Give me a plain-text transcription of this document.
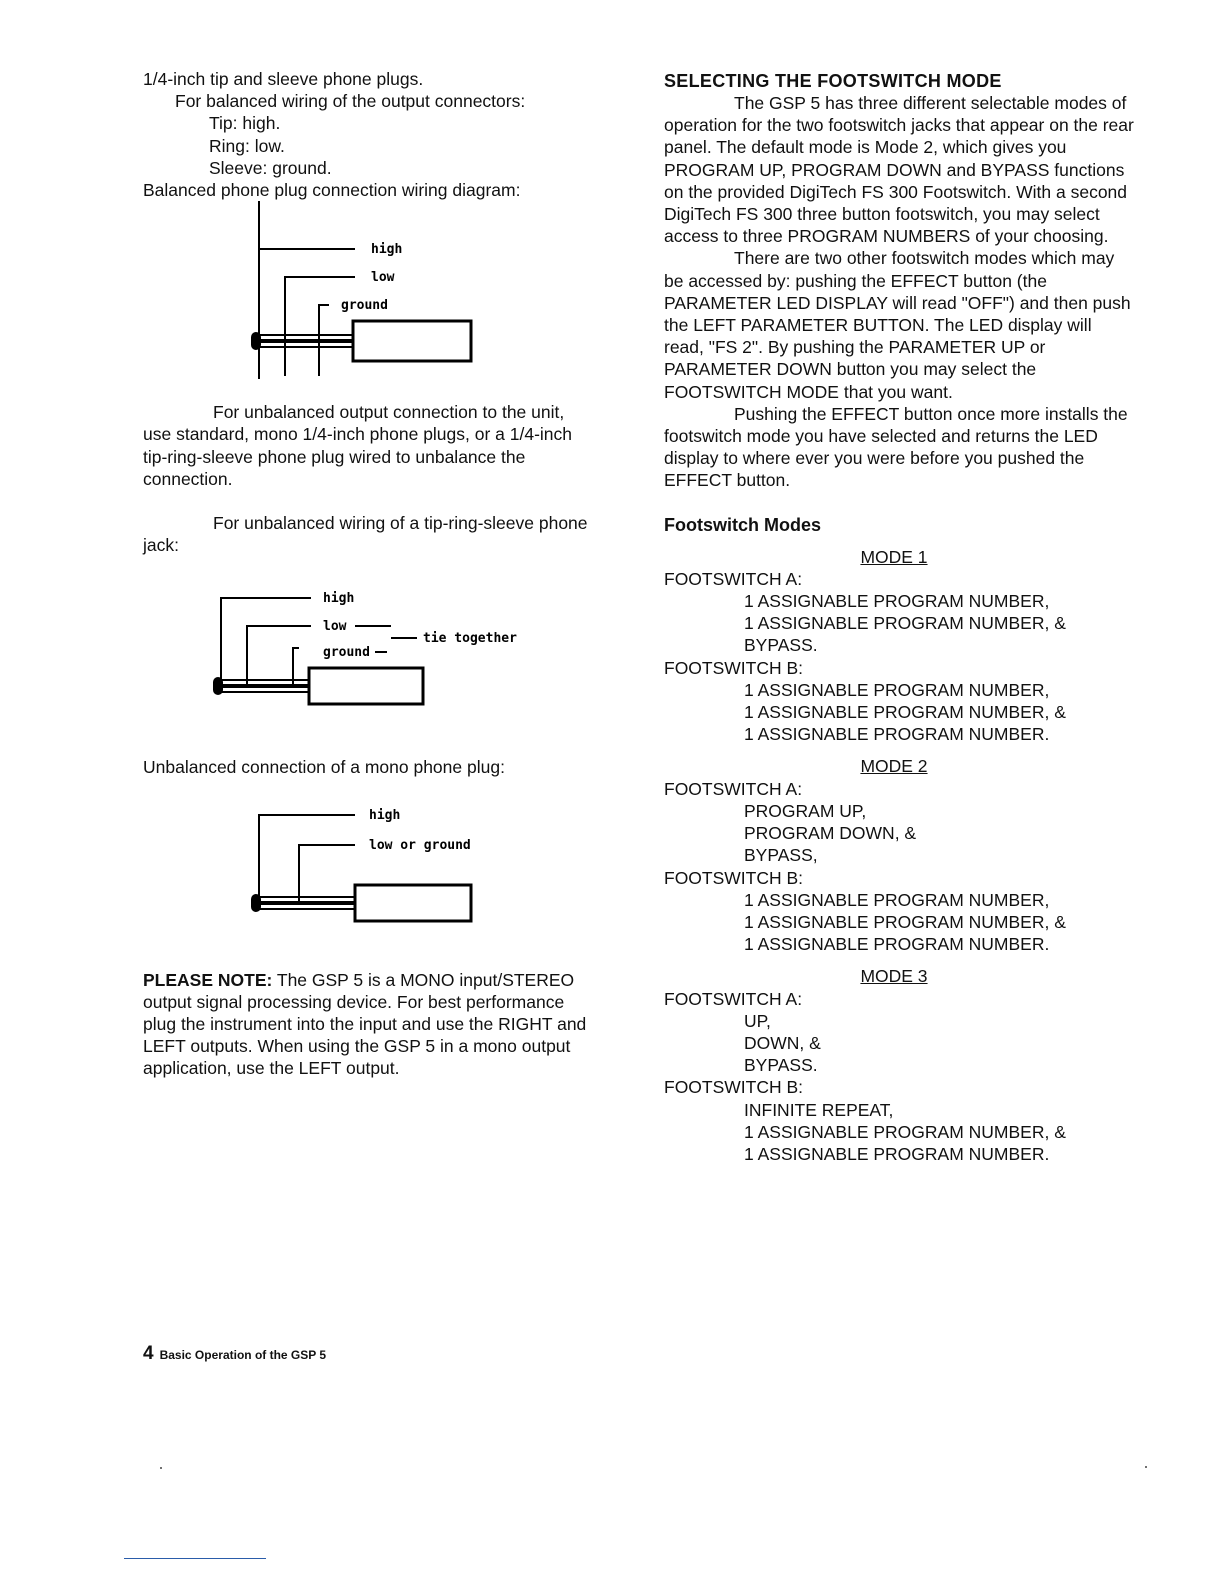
1/4-inch tip and sleeve phone plugs.

For balanced wiring of the output connectors:

Tip: high.

Ring: low.

Sleeve: ground.

Balanced phone plug connection wiring diagram:

high
low
ground

For unbalanced output connection to the unit, use standard, mono 1/4-inch phone plugs, or a 1/4-inch tip-ring-sleeve phone plug wired to unbalance the connection.

For unbalanced wiring of a tip-ring-sleeve phone jack:

high
low
ground
tie together

Unbalanced connection of a mono phone plug:

high
low or ground

PLEASE NOTE: The GSP 5 is a MONO input/STEREO output signal processing device. For best performance plug the instrument into the input and use the RIGHT and LEFT outputs. When using the GSP 5 in a mono output application, use the LEFT output.

SELECTING THE FOOTSWITCH MODE

The GSP 5 has three different selectable modes of operation for the two footswitch jacks that appear on the rear panel. The default mode is Mode 2, which gives you PROGRAM UP, PROGRAM DOWN and BYPASS functions on the provided DigiTech FS 300 Footswitch. With a second DigiTech FS 300 three button footswitch, you may select access to three PROGRAM NUMBERS of your choosing.

There are two other footswitch modes which may be accessed by: pushing the EFFECT button (the PARAMETER LED DISPLAY will read "OFF") and then push the LEFT PARAMETER BUTTON. The LED display will read, "FS 2". By pushing the PARAMETER UP or PARAMETER DOWN button you may select the FOOTSWITCH MODE that you want.

Pushing the EFFECT button once more installs the footswitch mode you have selected and returns the LED display to where ever you were before you pushed the EFFECT button.

Footswitch Modes

MODE 1

FOOTSWITCH A:

1 ASSIGNABLE PROGRAM NUMBER,

1 ASSIGNABLE PROGRAM NUMBER, &

BYPASS.

FOOTSWITCH B:

1 ASSIGNABLE PROGRAM NUMBER,

1 ASSIGNABLE PROGRAM NUMBER, &

1 ASSIGNABLE PROGRAM NUMBER.

MODE 2

FOOTSWITCH A:

PROGRAM UP,

PROGRAM DOWN, &

BYPASS,

FOOTSWITCH B:

1 ASSIGNABLE PROGRAM NUMBER,

1 ASSIGNABLE PROGRAM NUMBER, &

1 ASSIGNABLE PROGRAM NUMBER.

MODE 3

FOOTSWITCH A:

UP,

DOWN, &

BYPASS.

FOOTSWITCH B:

INFINITE REPEAT,

1 ASSIGNABLE PROGRAM NUMBER, &

1 ASSIGNABLE PROGRAM NUMBER.

4 Basic Operation of the GSP 5
